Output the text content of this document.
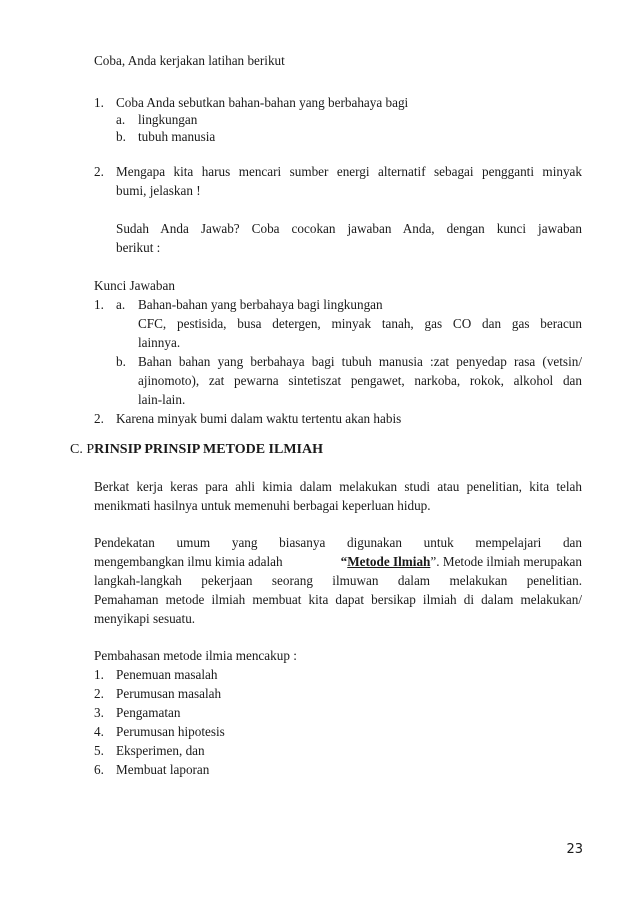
Coba, Anda kerjakan latihan berikut
1. Coba Anda sebutkan bahan-bahan yang berbahaya bagi
a. lingkungan
b. tubuh manusia
2. Mengapa kita harus mencari sumber energi alternatif sebagai pengganti minyak
bumi, jelaskan !
Sudah Anda Jawab? Coba cocokan jawaban Anda, dengan kunci jawaban
berikut :
Kunci Jawaban
1. a. Bahan-bahan yang berbahaya bagi lingkungan
CFC, pestisida, busa detergen, minyak tanah, gas CO dan gas beracun
lainnya.
b. Bahan bahan yang berbahaya bagi tubuh manusia :zat penyedap rasa (vetsin/
ajinomoto), zat pewarna sintetiszat pengawet, narkoba, rokok, alkohol dan
lain-lain.
2. Karena minyak bumi dalam waktu tertentu akan habis
C. PRINSIP PRINSIP METODE ILMIAH
Berkat kerja keras para ahli kimia dalam melakukan studi atau penelitian, kita telah
menikmati hasilnya untuk memenuhi berbagai keperluan hidup.
Pendekatan umum yang biasanya digunakan untuk mempelajari dan
mengembangkan ilmu kimia adalah	“ Metode Ilmiah ”. Metode ilmiah merupakan
langkah-langkah pekerjaan seorang ilmuwan dalam melakukan penelitian.
Pemahaman metode ilmiah membuat kita dapat bersikap ilmiah di dalam melakukan/
menyikapi sesuatu.
Pembahasan metode ilmia mencakup :
1. Penemuan masalah
2. Perumusan masalah
3. Pengamatan
4. Perumusan hipotesis
5. Eksperimen, dan
6. Membuat laporan
23
